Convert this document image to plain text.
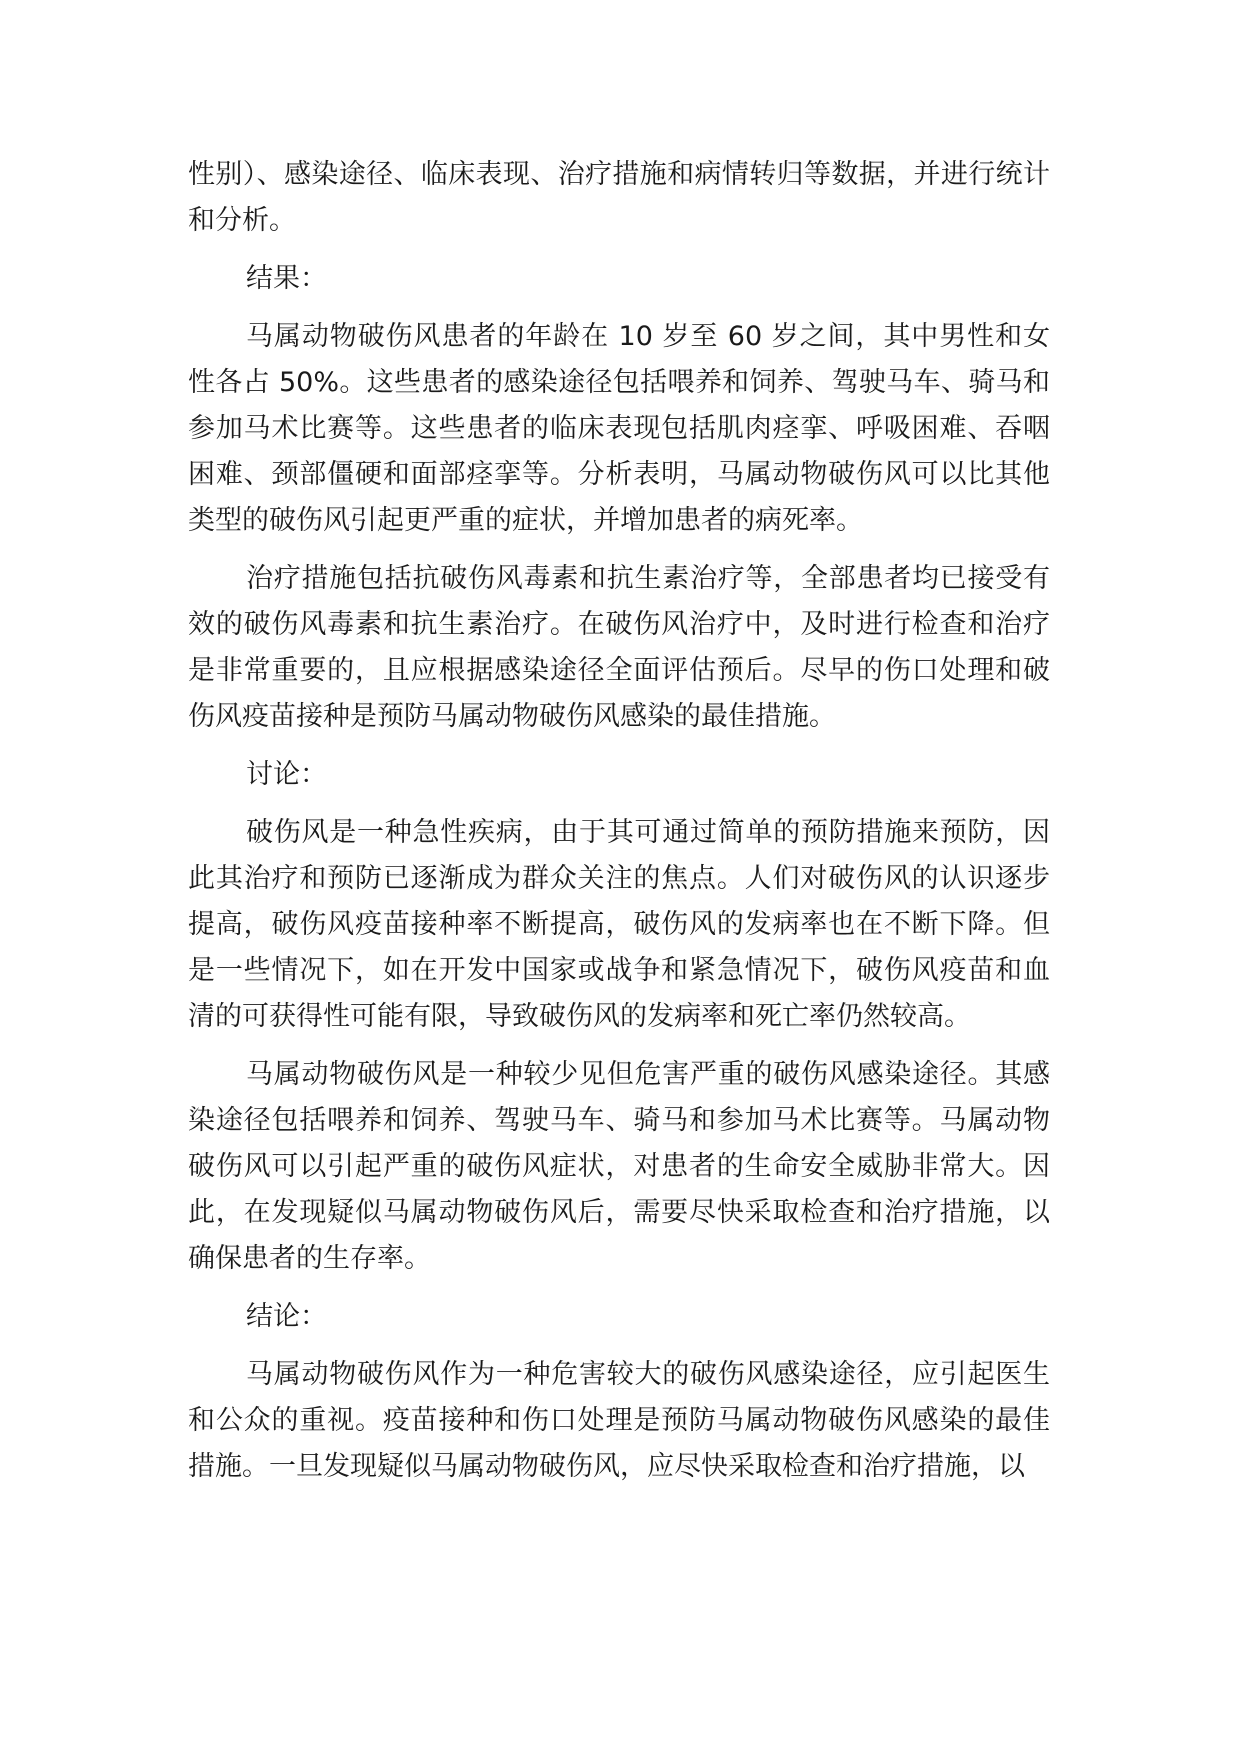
性别）、感染途径、临床表现、治疗措施和病情转归等数据，并进行统计和分析。

结果：

马属动物破伤风患者的年龄在 10 岁至 60 岁之间，其中男性和女性各占 50%。这些患者的感染途径包括喂养和饲养、驾驶马车、骑马和参加马术比赛等。这些患者的临床表现包括肌肉痉挛、呼吸困难、吞咽困难、颈部僵硬和面部痉挛等。分析表明，马属动物破伤风可以比其他类型的破伤风引起更严重的症状，并增加患者的病死率。

治疗措施包括抗破伤风毒素和抗生素治疗等，全部患者均已接受有效的破伤风毒素和抗生素治疗。在破伤风治疗中，及时进行检查和治疗是非常重要的，且应根据感染途径全面评估预后。尽早的伤口处理和破伤风疫苗接种是预防马属动物破伤风感染的最佳措施。

讨论：

破伤风是一种急性疾病，由于其可通过简单的预防措施来预防，因此其治疗和预防已逐渐成为群众关注的焦点。人们对破伤风的认识逐步提高，破伤风疫苗接种率不断提高，破伤风的发病率也在不断下降。但是一些情况下，如在开发中国家或战争和紧急情况下，破伤风疫苗和血清的可获得性可能有限，导致破伤风的发病率和死亡率仍然较高。

马属动物破伤风是一种较少见但危害严重的破伤风感染途径。其感染途径包括喂养和饲养、驾驶马车、骑马和参加马术比赛等。马属动物破伤风可以引起严重的破伤风症状，对患者的生命安全威胁非常大。因此，在发现疑似马属动物破伤风后，需要尽快采取检查和治疗措施，以确保患者的生存率。

结论：

马属动物破伤风作为一种危害较大的破伤风感染途径，应引起医生和公众的重视。疫苗接种和伤口处理是预防马属动物破伤风感染的最佳措施。一旦发现疑似马属动物破伤风，应尽快采取检查和治疗措施，以
